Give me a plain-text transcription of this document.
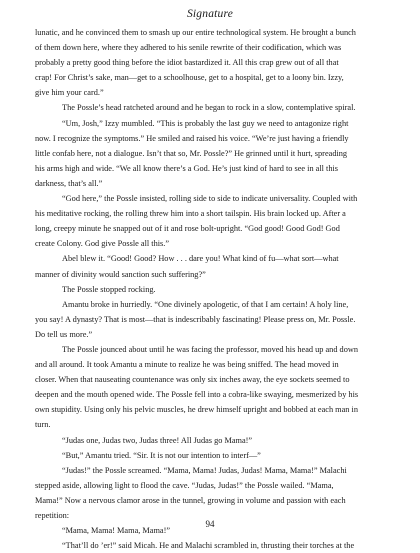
Signature
lunatic, and he convinced them to smash up our entire technological system. He brought a bunch
of them down here, where they adhered to his senile rewrite of their codification, which was
probably a pretty good thing before the idiot bastardized it. All this crap grew out of all that
crap! For Christ’s sake, man—get to a schoolhouse, get to a hospital, get to a loony bin. Izzy,
give him your card.”
The Possle’s head ratcheted around and he began to rock in a slow, contemplative spiral.
“Um, Josh,” Izzy mumbled. “This is probably the last guy we need to antagonize right
now. I recognize the symptoms.” He smiled and raised his voice. “We’re just having a friendly
little confab here, not a dialogue. Isn’t that so, Mr. Possle?” He grinned until it hurt, spreading
his arms high and wide. “We all know there’s a God. He’s just kind of hard to see in all this
darkness, that’s all.”
“God here,” the Possle insisted, rolling side to side to indicate universality. Coupled with
his meditative rocking, the rolling threw him into a short tailspin. His brain locked up. After a
long, creepy minute he snapped out of it and rose bolt-upright. “God good! Good God! God
create Colony. God give Possle all this.”
Abel blew it. “Good! Good? How . . . dare you! What kind of fu—what sort—what
manner of divinity would sanction such suffering?”
The Possle stopped rocking.
Amantu broke in hurriedly. “One divinely apologetic, of that I am certain! A holy line,
you say! A dynasty? That is most—that is indescribably fascinating! Please press on, Mr. Possle.
Do tell us more.”
The Possle jounced about until he was facing the professor, moved his head up and down
and all around. It took Amantu a minute to realize he was being sniffed. The head moved in
closer. When that nauseating countenance was only six inches away, the eye sockets seemed to
deepen and the mouth opened wide. The Possle fell into a cobra-like swaying, mesmerized by his
own stupidity. Using only his pelvic muscles, he drew himself upright and bobbed at each man in
turn.
“Judas one, Judas two, Judas three! All Judas go Mama!”
“But,” Amantu tried. “Sir. It is not our intention to interf—”
“Judas!” the Possle screamed. “Mama, Mama! Judas, Judas! Mama, Mama!” Malachi
stepped aside, allowing light to flood the cave. “Judas, Judas!” the Possle wailed. “Mama,
Mama!” Now a nervous clamor arose in the tunnel, growing in volume and passion with each
repetition:
“Mama, Mama! Mama, Mama!”
“That’ll do ’er!” said Micah. He and Malachi scrambled in, thrusting their torches at the
94
